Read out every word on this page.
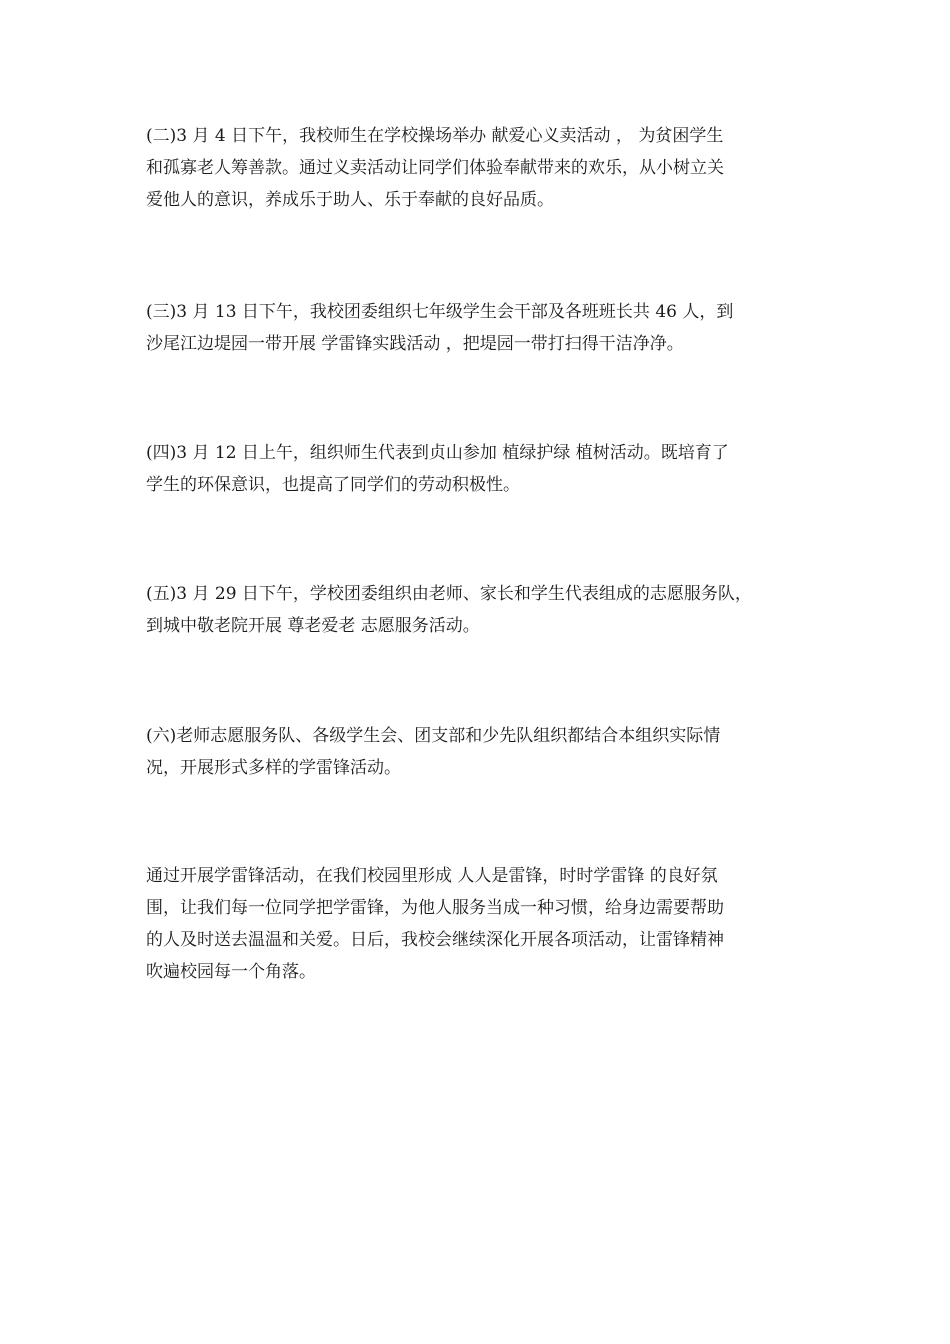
(二)3 月 4 日下午，我校师生在学校操场举办 献爱心义卖活动 ， 为贫困学生
和孤寡老人筹善款。通过义卖活动让同学们体验奉献带来的欢乐，从小树立关
爱他人的意识，养成乐于助人、乐于奉献的良好品质。

(三)3 月 13 日下午，我校团委组织七年级学生会干部及各班班长共 46 人，到
沙尾江边堤园一带开展 学雷锋实践活动 ，把堤园一带打扫得干洁净净。

(四)3 月 12 日上午，组织师生代表到贞山参加 植绿护绿 植树活动。既培育了
学生的环保意识，也提高了同学们的劳动积极性。

(五)3 月 29 日下午，学校团委组织由老师、家长和学生代表组成的志愿服务队，
到城中敬老院开展 尊老爱老 志愿服务活动。

(六)老师志愿服务队、各级学生会、团支部和少先队组织都结合本组织实际情
况，开展形式多样的学雷锋活动。

通过开展学雷锋活动，在我们校园里形成 人人是雷锋，时时学雷锋 的良好氛
围，让我们每一位同学把学雷锋，为他人服务当成一种习惯，给身边需要帮助
的人及时送去温温和关爱。日后，我校会继续深化开展各项活动，让雷锋精神
吹遍校园每一个角落。
